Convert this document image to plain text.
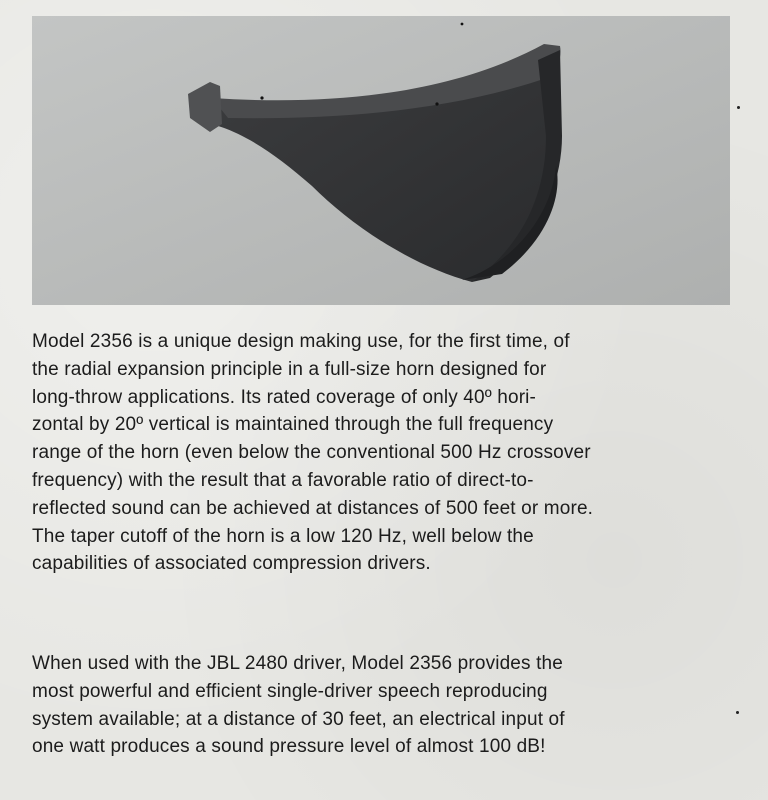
Model 2356 is a unique design making use, for the first time, of
the radial expansion principle in a full-size horn designed for
long-throw applications. Its rated coverage of only 40º hori-
zontal by 20º vertical is maintained through the full frequency
range of the horn (even below the conventional 500 Hz crossover
frequency) with the result that a favorable ratio of direct-to-
reflected sound can be achieved at distances of 500 feet or more.
The taper cutoff of the horn is a low 120 Hz, well below the
capabilities of associated compression drivers.

When used with the JBL 2480 driver, Model 2356 provides the
most powerful and efficient single-driver speech reproducing
system available; at a distance of 30 feet, an electrical input of
one watt produces a sound pressure level of almost 100 dB!
